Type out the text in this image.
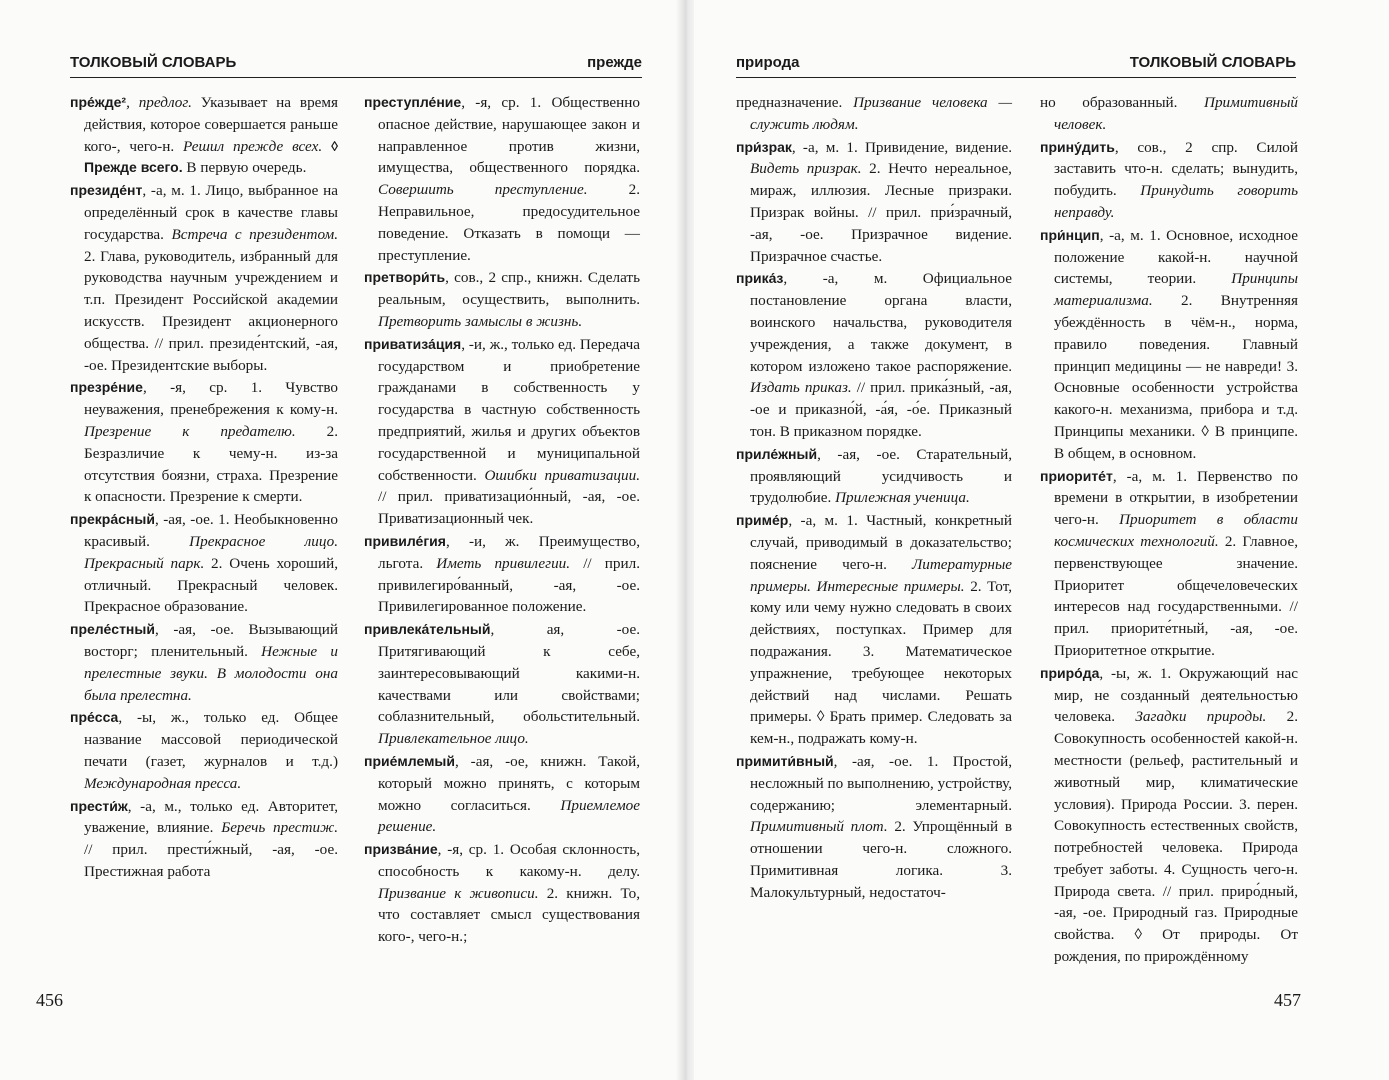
ТОЛКОВЫЙ СЛОВАРЬ	прежде

пре́жде², предлог. Указывает на время действия, которое совершается раньше кого-, чего-н. Решил прежде всех. ◊ Прежде всего. В первую очередь.

президе́нт, -а, м. 1. Лицо, выбранное на определённый срок в качестве главы государства. Встреча с президентом. 2. Глава, руководитель, избранный для руководства научным учреждением и т.п. Президент Российской академии искусств. Президент акционерного общества. // прил. президе́нтский, -ая, -ое. Президентские выборы.

презре́ние, -я, ср. 1. Чувство неуважения, пренебрежения к кому-н. Презрение к предателю. 2. Безразличие к чему-н. из-за отсутствия боязни, страха. Презрение к опасности. Презрение к смерти.

прекра́сный, -ая, -ое. 1. Необыкновенно красивый. Прекрасное лицо. Прекрасный парк. 2. Очень хороший, отличный. Прекрасный человек. Прекрасное образование.

преле́стный, -ая, -ое. Вызывающий восторг; пленительный. Нежные и прелестные звуки. В молодости она была прелестна.

пре́сса, -ы, ж., только ед. Общее название массовой периодической печати (газет, журналов и т.д.) Международная пресса.

прести́ж, -а, м., только ед. Авторитет, уважение, влияние. Беречь престиж. // прил. прести́жный, -ая, -ое. Престижная работа

преступле́ние, -я, ср. 1. Общественно опасное действие, нарушающее закон и направленное против жизни, имущества, общественного порядка. Совершить преступление. 2. Неправильное, предосудительное поведение. Отказать в помощи — преступление.

претвори́ть, сов., 2 спр., книжн. Сделать реальным, осуществить, выполнить. Претворить замыслы в жизнь.

приватиза́ция, -и, ж., только ед. Передача государством и приобретение гражданами в собственность у государства в частную собственность предприятий, жилья и других объектов государственной и муниципальной собственности. Ошибки приватизации. // прил. приватизацио́нный, -ая, -ое. Приватизационный чек.

привиле́гия, -и, ж. Преимущество, льгота. Иметь привилегии. // прил. привилегиро́ванный, -ая, -ое. Привилегированное положение.

привлека́тельный, ая, -ое. Притягивающий к себе, заинтересовывающий какими-н. качествами или свойствами; соблазнительный, обольстительный. Привлекательное лицо.

прие́млемый, -ая, -ое, книжн. Такой, который можно принять, с которым можно согласиться. Приемлемое решение.

призва́ние, -я, ср. 1. Особая склонность, способность к какому-н. делу. Призвание к живописи. 2. книжн. То, что составляет смысл существования кого-, чего-н.;

456
природа	ТОЛКОВЫЙ СЛОВАРЬ

предназначение. Призвание человека — служить людям.

при́зрак, -а, м. 1. Привидение, видение. Видеть призрак. 2. Нечто нереальное, мираж, иллюзия. Лесные призраки. Призрак войны. // прил. при́зрачный, -ая, -ое. Призрачное видение. Призрачное счастье.

прика́з, -а, м. Официальное постановление органа власти, воинского начальства, руководителя учреждения, а также документ, в котором изложено такое распоряжение. Издать приказ. // прил. прика́зный, -ая, -ое и приказно́й, -а́я, -о́е. Приказный тон. В приказном порядке.

приле́жный, -ая, -ое. Старательный, проявляющий усидчивость и трудолюбие. Прилежная ученица.

приме́р, -а, м. 1. Частный, конкретный случай, приводимый в доказательство; пояснение чего-н. Литературные примеры. Интересные примеры. 2. Тот, кому или чему нужно следовать в своих действиях, поступках. Пример для подражания. 3. Математическое упражнение, требующее некоторых действий над числами. Решать примеры. ◊ Брать пример. Следовать за кем-н., подражать кому-н.

примити́вный, -ая, -ое. 1. Простой, несложный по выполнению, устройству, содержанию; элементарный. Примитивный плот. 2. Упрощённый в отношении чего-н. сложного. Примитивная логика. 3. Малокультурный, недостаточ-

но образованный. Примитивный человек.

прину́дить, сов., 2 спр. Силой заставить что-н. сделать; вынудить, побудить. Принудить говорить неправду.

при́нцип, -а, м. 1. Основное, исходное положение какой-н. научной системы, теории. Принципы материализма. 2. Внутренняя убеждённость в чём-н., норма, правило поведения. Главный принцип медицины — не навреди! 3. Основные особенности устройства какого-н. механизма, прибора и т.д. Принципы механики. ◊ В принципе. В общем, в основном.

приорите́т, -а, м. 1. Первенство по времени в открытии, в изобретении чего-н. Приоритет в области космических технологий. 2. Главное, первенствующее значение. Приоритет общечеловеческих интересов над государственными. // прил. приорите́тный, -ая, -ое. Приоритетное открытие.

приро́да, -ы, ж. 1. Окружающий нас мир, не созданный деятельностью человека. Загадки природы. 2. Совокупность особенностей какой-н. местности (рельеф, растительный и животный мир, климатические условия). Природа России. 3. перен. Совокупность естественных свойств, потребностей человека. Природа требует заботы. 4. Сущность чего-н. Природа света. // прил. приро́дный, -ая, -ое. Природный газ. Природные свойства. ◊ От природы. От рождения, по прирождённому

457
